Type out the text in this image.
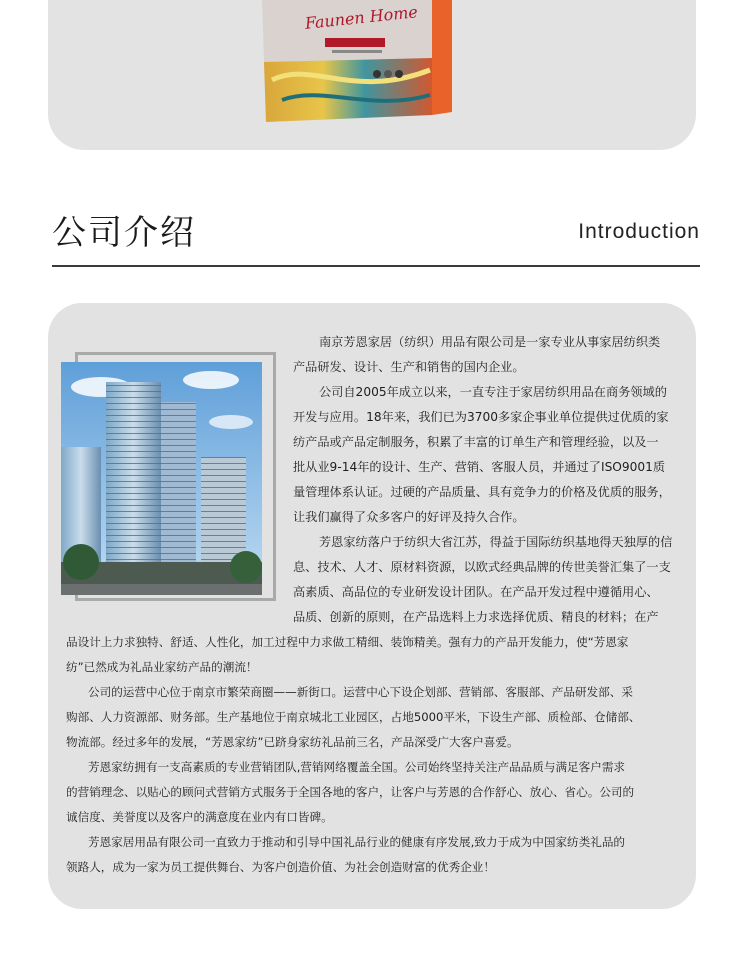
Faunen Home
公司介绍	Introduction
南京芳恩家居（纺织）用品有限公司是一家专业从事家居纺织类
产品研发、设计、生产和销售的国内企业。
公司自2005年成立以来，一直专注于家居纺织用品在商务领域的
开发与应用。18年来，我们已为3700多家企事业单位提供过优质的家
纺产品或产品定制服务，积累了丰富的订单生产和管理经验，以及一
批从业9-14年的设计、生产、营销、客服人员，并通过了ISO9001质
量管理体系认证。过硬的产品质量、具有竞争力的价格及优质的服务，
让我们赢得了众多客户的好评及持久合作。
芳恩家纺落户于纺织大省江苏，得益于国际纺织基地得天独厚的信
息、技术、人才、原材料资源，以欧式经典品牌的传世美誉汇集了一支
高素质、高品位的专业研发设计团队。在产品开发过程中遵循用心、
品质、创新的原则，在产品选料上力求选择优质、精良的材料；在产
品设计上力求独特、舒适、人性化，加工过程中力求做工精细、装饰精美。强有力的产品开发能力，使“芳恩家
纺”已然成为礼品业家纺产品的潮流！
公司的运营中心位于南京市繁荣商圈——新街口。运营中心下设企划部、营销部、客服部、产品研发部、采
购部、人力资源部、财务部。生产基地位于南京城北工业园区，占地5000平米，下设生产部、质检部、仓储部、
物流部。经过多年的发展，“芳恩家纺”已跻身家纺礼品前三名，产品深受广大客户喜爱。
芳恩家纺拥有一支高素质的专业营销团队,营销网络覆盖全国。公司始终坚持关注产品品质与满足客户需求
的营销理念、以贴心的顾问式营销方式服务于全国各地的客户，让客户与芳恩的合作舒心、放心、省心。公司的
诚信度、美誉度以及客户的满意度在业内有口皆碑。
芳恩家居用品有限公司一直致力于推动和引导中国礼品行业的健康有序发展,致力于成为中国家纺类礼品的
领路人，成为一家为员工提供舞台、为客户创造价值、为社会创造财富的优秀企业！
